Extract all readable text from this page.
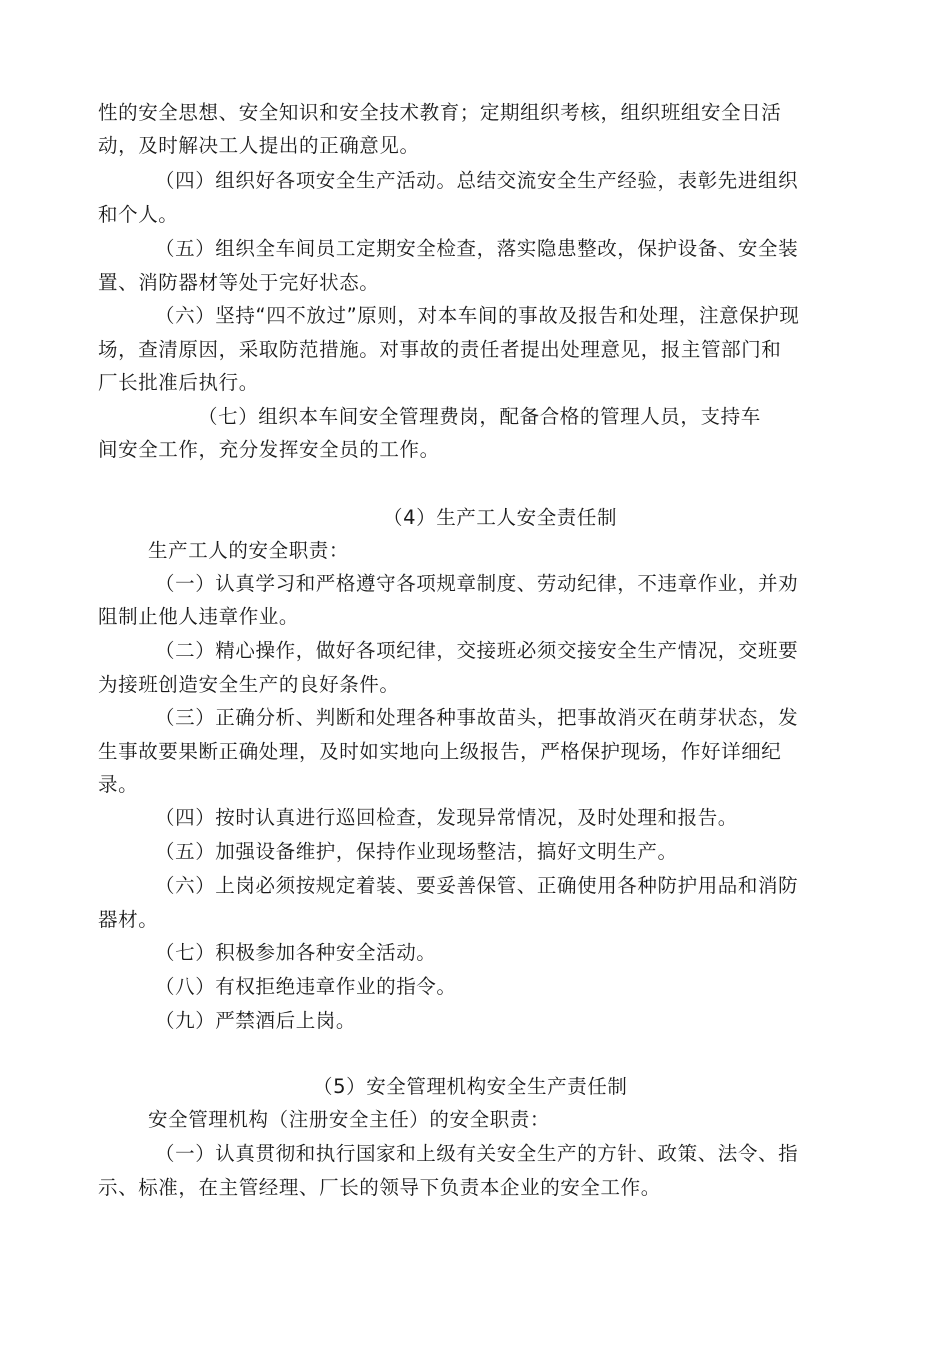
性的安全思想、安全知识和安全技术教育；定期组织考核，组织班组安全日活
动，及时解决工人提出的正确意见。
（四）组织好各项安全生产活动。总结交流安全生产经验，表彰先进组织
和个人。
（五）组织全车间员工定期安全检查，落实隐患整改，保护设备、安全装
置、消防器材等处于完好状态。
（六）坚持“四不放过”原则，对本车间的事故及报告和处理，注意保护现
场，查清原因，采取防范措施。对事故的责任者提出处理意见，报主管部门和
厂长批准后执行。
（七）组织本车间安全管理费岗，配备合格的管理人员，支持车
间安全工作，充分发挥安全员的工作。
（4）生产工人安全责任制
生产工人的安全职责：
（一）认真学习和严格遵守各项规章制度、劳动纪律，不违章作业，并劝
阻制止他人违章作业。
（二）精心操作，做好各项纪律，交接班必须交接安全生产情况，交班要
为接班创造安全生产的良好条件。
（三）正确分析、判断和处理各种事故苗头，把事故消灭在萌芽状态，发
生事故要果断正确处理，及时如实地向上级报告，严格保护现场，作好详细纪
录。
（四）按时认真进行巡回检查，发现异常情况，及时处理和报告。
（五）加强设备维护，保持作业现场整洁，搞好文明生产。
（六）上岗必须按规定着装、要妥善保管、正确使用各种防护用品和消防
器材。
（七）积极参加各种安全活动。
（八）有权拒绝违章作业的指令。
（九）严禁酒后上岗。
（5）安全管理机构安全生产责任制
安全管理机构（注册安全主任）的安全职责：
（一）认真贯彻和执行国家和上级有关安全生产的方针、政策、法令、指
示、标准，在主管经理、厂长的领导下负责本企业的安全工作。
